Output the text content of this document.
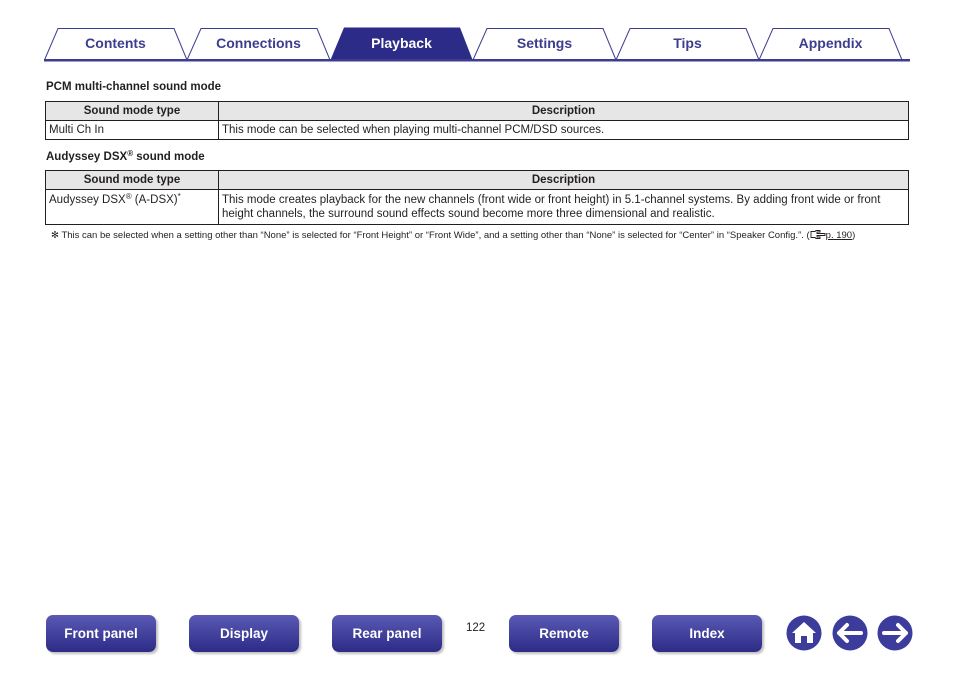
Contents	Connections	Playback	Settings	Tips	Appendix
PCM multi-channel sound mode
Sound mode type	Description
Multi Ch In	This mode can be selected when playing multi-channel PCM/DSD sources.
Audyssey DSX® sound mode
Sound mode type	Description
Audyssey DSX® (A-DSX)*	This mode creates playback for the new channels (front wide or front height) in 5.1-channel systems. By adding front wide or front height channels, the surround sound effects sound become more three dimensional and realistic.
✻ This can be selected when a setting other than “None” is selected for “Front Height” or “Front Wide”, and a setting other than “None” is selected for “Center” in “Speaker Config.”. ( p. 190)
Front panel	Display	Rear panel	122	Remote	Index
